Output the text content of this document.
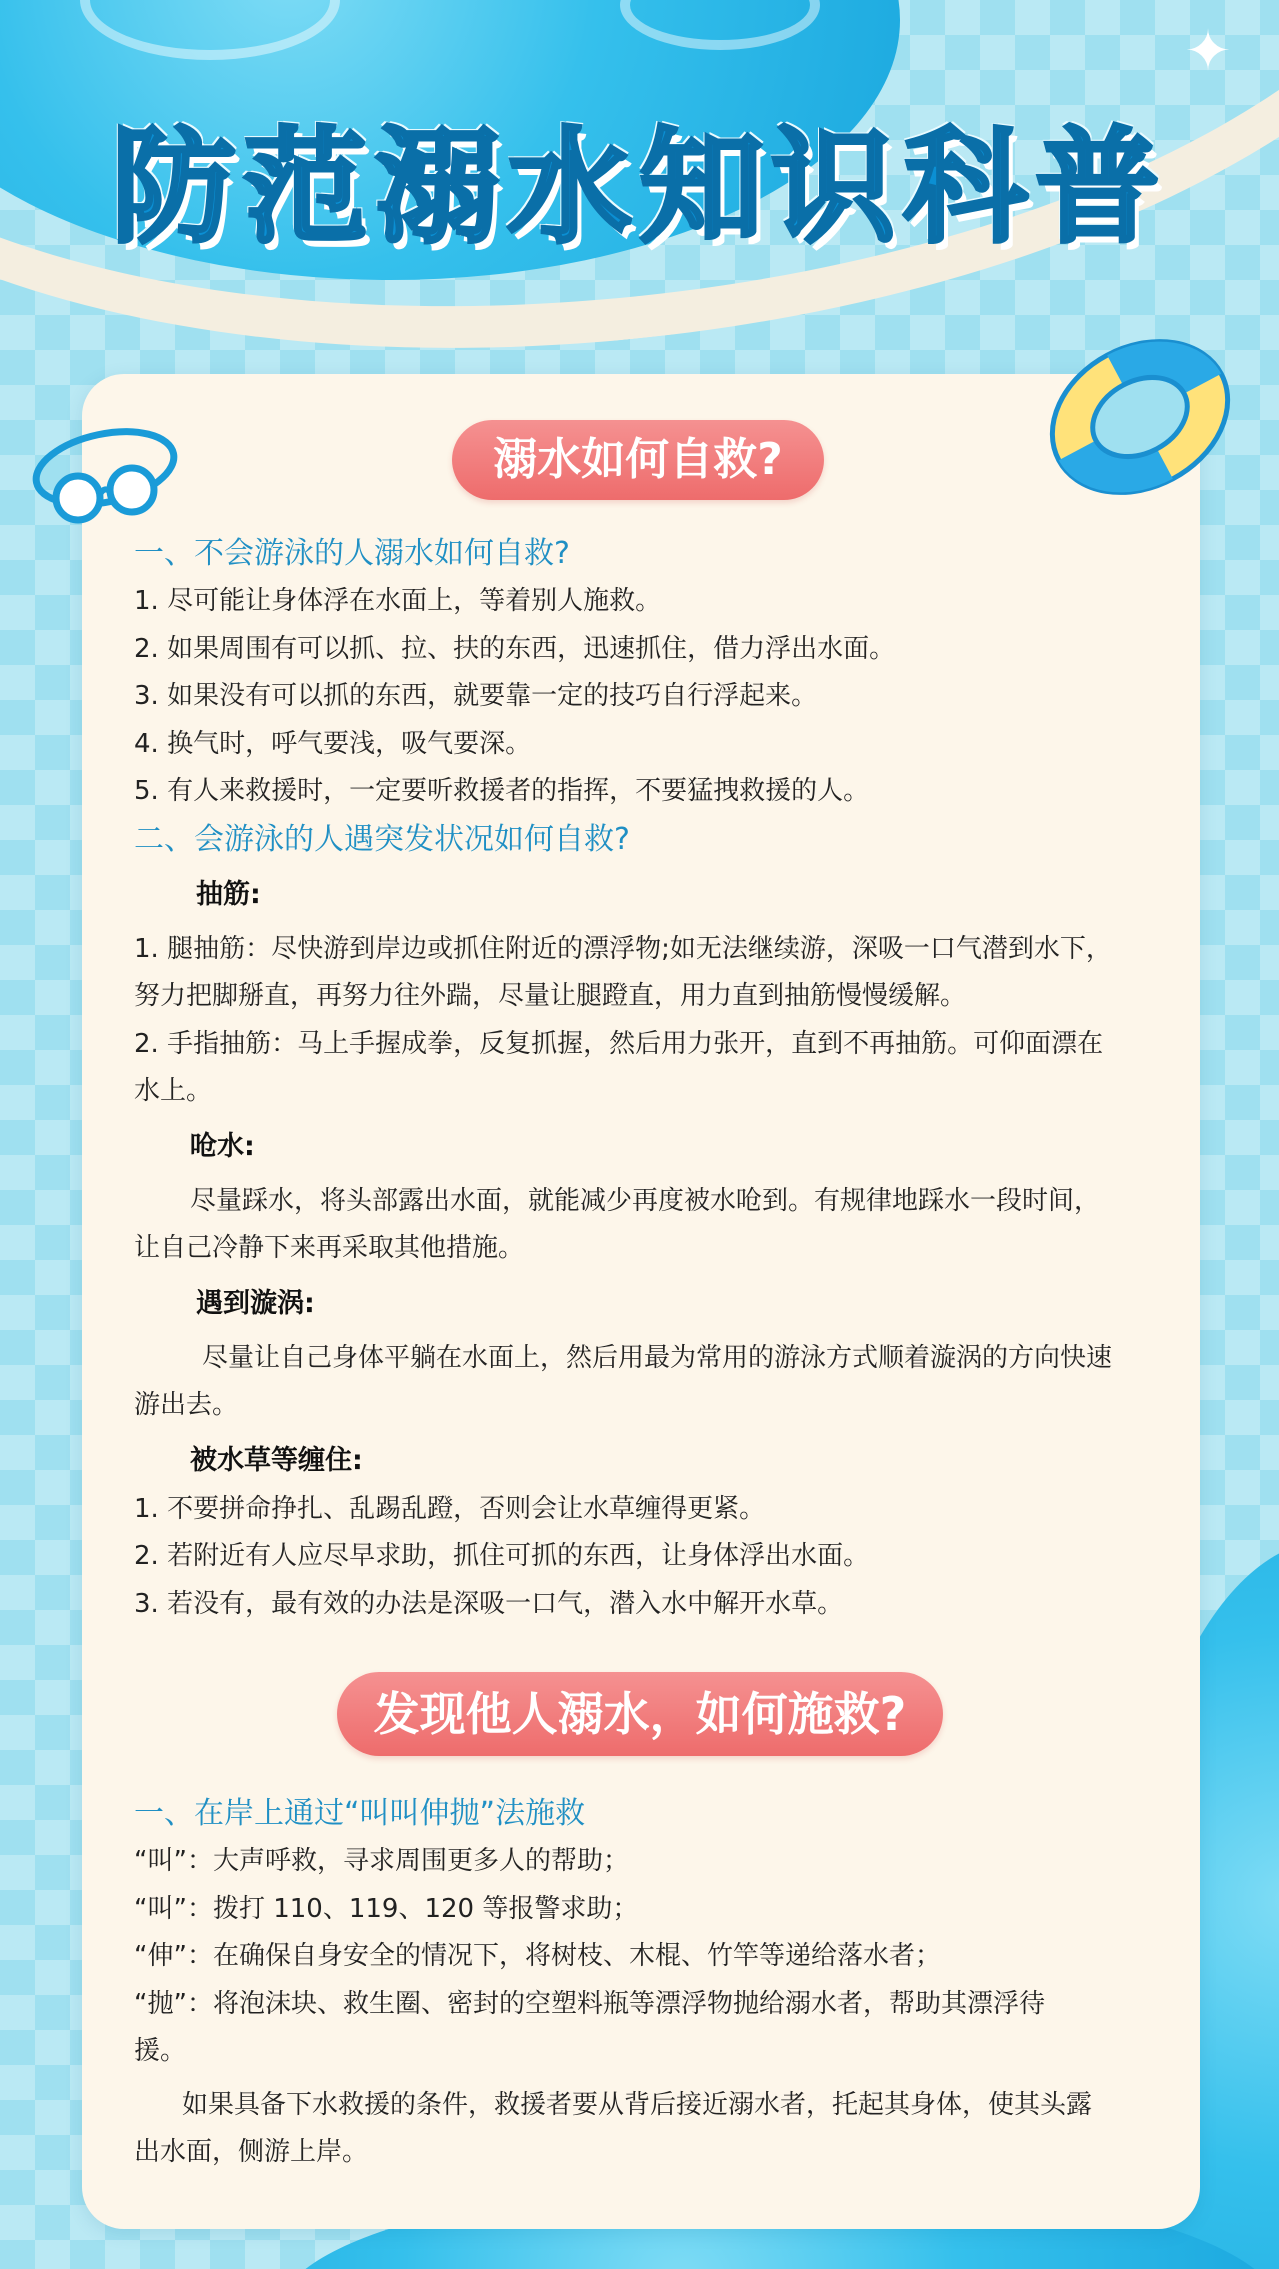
✦
防范溺水知识科普
溺水如何自救?
一、不会游泳的人溺水如何自救?
1. 尽可能让身体浮在水面上，等着别人施救。
2. 如果周围有可以抓、拉、扶的东西，迅速抓住，借力浮出水面。
3. 如果没有可以抓的东西，就要靠一定的技巧自行浮起来。
4. 换气时，呼气要浅，吸气要深。
5. 有人来救援时，一定要听救援者的指挥，不要猛拽救援的人。
二、会游泳的人遇突发状况如何自救?
抽筋:
1. 腿抽筋：尽快游到岸边或抓住附近的漂浮物;如无法继续游，深吸一口气潜到水下，
努力把脚掰直，再努力往外踹，尽量让腿蹬直，用力直到抽筋慢慢缓解。
2. 手指抽筋：马上手握成拳，反复抓握，然后用力张开，直到不再抽筋。可仰面漂在
水上。
呛水:
尽量踩水，将头部露出水面，就能减少再度被水呛到。有规律地踩水一段时间，
让自己冷静下来再采取其他措施。
遇到漩涡:
尽量让自己身体平躺在水面上，然后用最为常用的游泳方式顺着漩涡的方向快速
游出去。
被水草等缠住:
1. 不要拼命挣扎、乱踢乱蹬，否则会让水草缠得更紧。
2. 若附近有人应尽早求助，抓住可抓的东西，让身体浮出水面。
3. 若没有，最有效的办法是深吸一口气，潜入水中解开水草。
发现他人溺水，如何施救?
一、在岸上通过“叫叫伸抛”法施救
“叫”：大声呼救，寻求周围更多人的帮助；
“叫”：拨打 110、119、120 等报警求助；
“伸”：在确保自身安全的情况下，将树枝、木棍、竹竿等递给落水者；
“抛”：将泡沫块、救生圈、密封的空塑料瓶等漂浮物抛给溺水者，帮助其漂浮待
援。
如果具备下水救援的条件，救援者要从背后接近溺水者，托起其身体，使其头露
出水面，侧游上岸。
